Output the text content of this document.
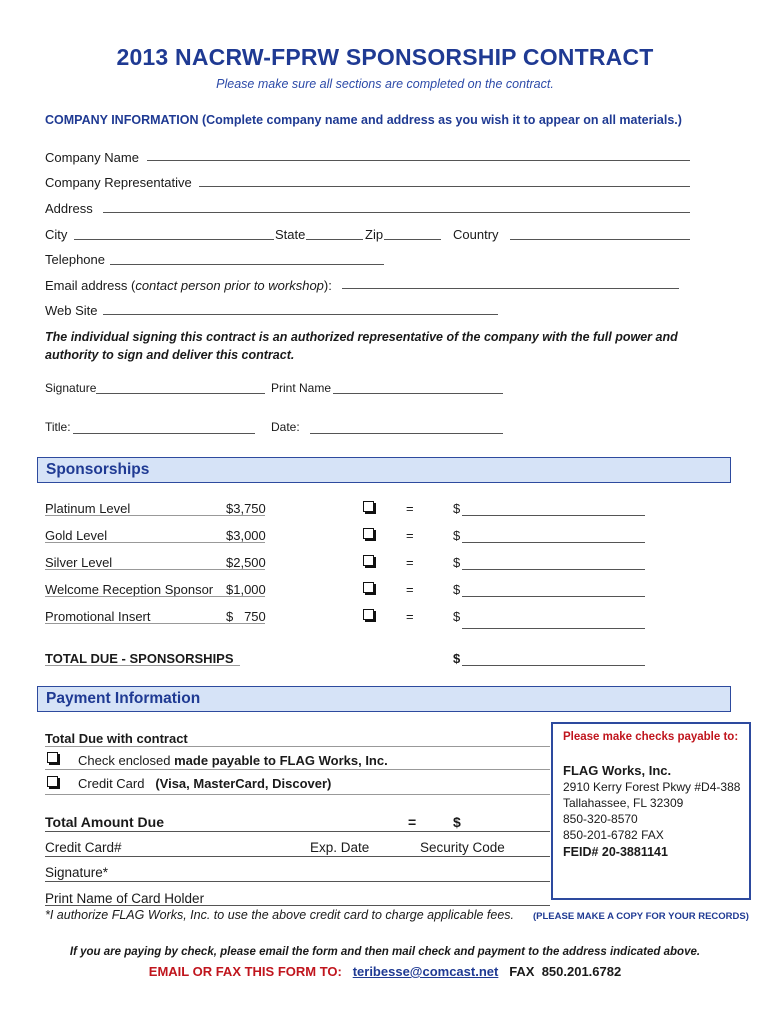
2013 NACRW-FPRW SPONSORSHIP CONTRACT
Please make sure all sections are completed on the contract.
COMPANY INFORMATION (Complete company name and address as you wish it to appear on all materials.)
Company Name
Company Representative
Address
City	State	Zip	Country
Telephone
Email address (contact person prior to workshop):
Web Site
The individual signing this contract is an authorized representative of the company with the full power and authority to sign and deliver this contract.
Signature	Print Name
Title:	Date:
Sponsorships
Platinum Level	$3,750	=	$
Gold Level	$3,000	=	$
Silver Level	$2,500	=	$
Welcome Reception Sponsor $1,000	=	$
Promotional Insert	$   750	=	$
TOTAL DUE - SPONSORSHIPS	$
Payment Information
Total Due with contract
Check enclosed made payable to FLAG Works, Inc.
Credit Card   (Visa, MasterCard, Discover)
Total Amount Due	=	$
Credit Card#	Exp. Date	Security Code
Signature*
Print Name of Card Holder
*I authorize FLAG Works, Inc. to use the above credit card to charge applicable fees. (PLEASE MAKE A COPY FOR YOUR RECORDS)
Please make checks payable to:
FLAG Works, Inc.
2910 Kerry Forest Pkwy #D4-388
Tallahassee, FL 32309
850-320-8570
850-201-6782 FAX
FEID# 20-3881141
If you are paying by check, please email the form and then mail check and payment to the address indicated above.
EMAIL OR FAX THIS FORM TO: teribesse@comcast.net FAX  850.201.6782
